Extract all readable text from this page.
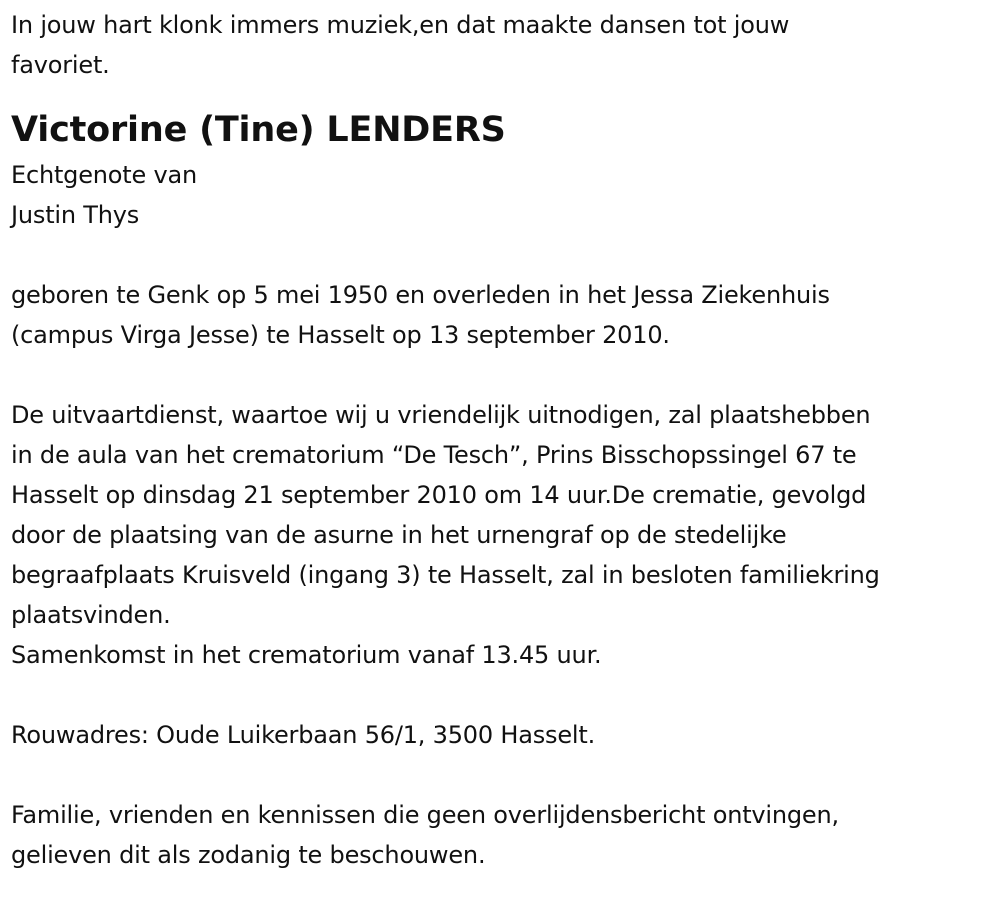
In jouw hart klonk immers muziek,en dat maakte dansen tot jouw
favoriet.
Victorine (Tine) LENDERS
Echtgenote van
Justin Thys
geboren te Genk op 5 mei 1950 en overleden in het Jessa Ziekenhuis
(campus Virga Jesse) te Hasselt op 13 september 2010.
De uitvaartdienst, waartoe wij u vriendelijk uitnodigen, zal plaatshebben
in de aula van het crematorium “De Tesch”, Prins Bisschopssingel 67 te
Hasselt op dinsdag 21 september 2010 om 14 uur.De crematie, gevolgd
door de plaatsing van de asurne in het urnengraf op de stedelijke
begraafplaats Kruisveld (ingang 3) te Hasselt, zal in besloten familiekring
plaatsvinden.
Samenkomst in het crematorium vanaf 13.45 uur.
Rouwadres: Oude Luikerbaan 56/1, 3500 Hasselt.
Familie, vrienden en kennissen die geen overlijdensbericht ontvingen,
gelieven dit als zodanig te beschouwen.
